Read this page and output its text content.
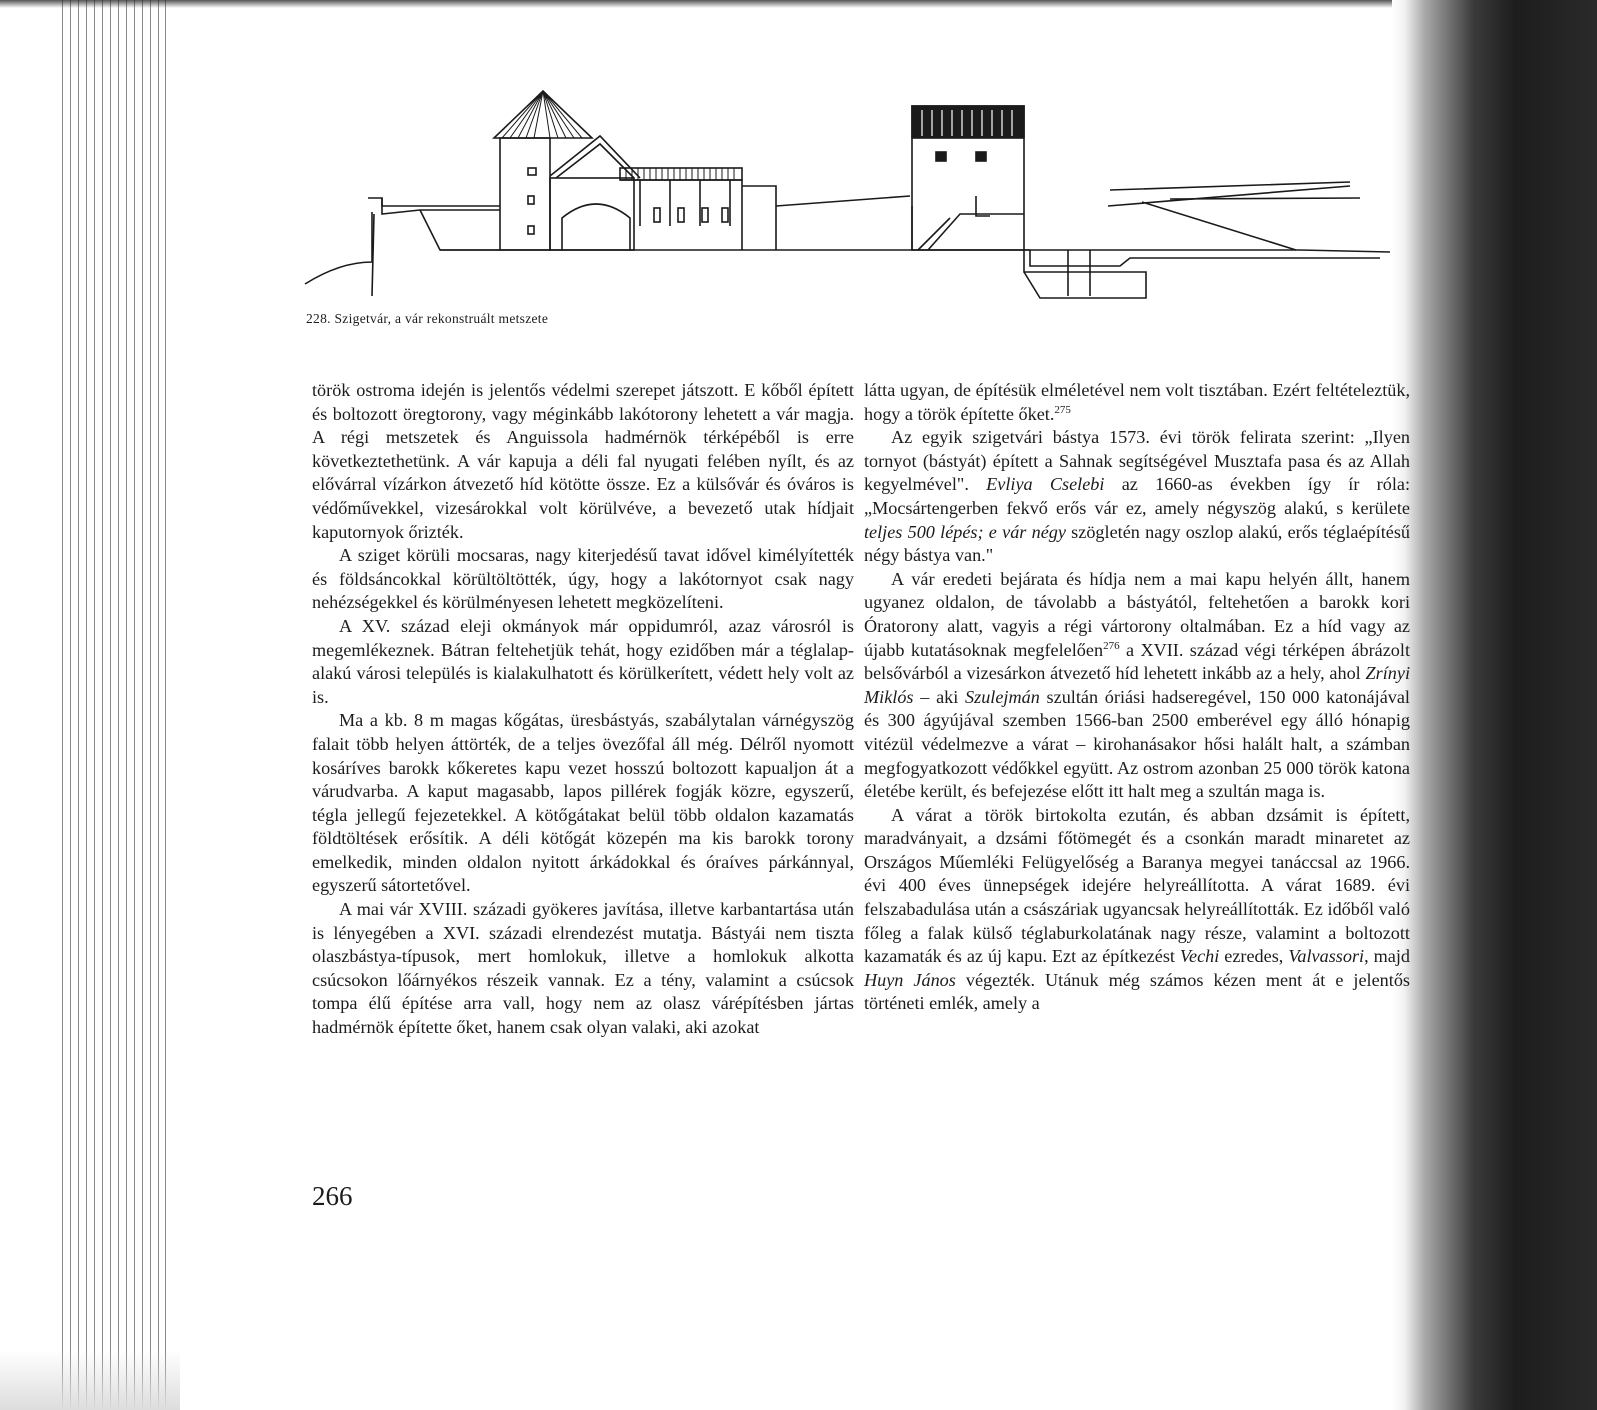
228. Szigetvár, a vár rekonstruált metszete

török ostroma idején is jelentős védelmi szerepet játszott. E kőből épített és boltozott öregtorony, vagy méginkább lakótorony lehetett a vár magja. A régi metszetek és Anguissola hadmérnök térképéből is erre következtethetünk. A vár kapuja a déli fal nyugati felében nyílt, és az elővárral vízárkon átvezető híd kötötte össze. Ez a külsővár és óváros is védőművekkel, vizesárokkal volt körülvéve, a bevezető utak hídjait kaputornyok őrizték.

A sziget körüli mocsaras, nagy kiterjedésű tavat idővel kimélyítették és földsáncokkal körültöltötték, úgy, hogy a lakótornyot csak nagy nehézségekkel és körülményesen lehetett megközelíteni.

A XV. század eleji okmányok már oppidumról, azaz városról is megemlékeznek. Bátran feltehetjük tehát, hogy ezidőben már a téglalap-alakú városi település is kialakulhatott és körülkerített, védett hely volt az is.

Ma a kb. 8 m magas kőgátas, üresbástyás, szabálytalan várnégyszög falait több helyen áttörték, de a teljes övezőfal áll még. Délről nyomott kosáríves barokk kőkeretes kapu vezet hosszú boltozott kapualjon át a várudvarba. A kaput magasabb, lapos pillérek fogják közre, egyszerű, tégla jellegű fejezetekkel. A kötőgátakat belül több oldalon kazamatás földtöltések erősítik. A déli kötőgát közepén ma kis barokk torony emelkedik, minden oldalon nyitott árkádokkal és óraíves párkánnyal, egyszerű sátortetővel.

A mai vár XVIII. századi gyökeres javítása, illetve karbantartása után is lényegében a XVI. századi elrendezést mutatja. Bástyái nem tiszta olaszbástya-típusok, mert homlokuk, illetve a homlokuk alkotta csúcsokon lőárnyékos részeik vannak. Ez a tény, valamint a csúcsok tompa élű építése arra vall, hogy nem az olasz várépítésben jártas hadmérnök építette őket, hanem csak olyan valaki, aki azokat

látta ugyan, de építésük elméletével nem volt tisztában. Ezért feltételeztük, hogy a török építette őket.$^{275}$

Az egyik szigetvári bástya 1573. évi török felirata szerint: „Ilyen tornyot (bástyát) épített a Sahnak segítségével Musztafa pasa és az Allah kegyelmével". Evliya Cselebi az 1660-as években így ír róla: „Mocsártengerben fekvő erős vár ez, amely négyszög alakú, s kerülete teljes 500 lépés; e vár négy szögletén nagy oszlop alakú, erős téglaépítésű négy bástya van."

A vár eredeti bejárata és hídja nem a mai kapu helyén állt, hanem ugyanez oldalon, de távolabb a bástyától, feltehetően a barokk kori Óratorony alatt, vagyis a régi vártorony oltalmában. Ez a híd vagy az újabb kutatásoknak megfelelően$^{276}$ a XVII. század végi térképen ábrázolt belsővárból a vizesárkon átvezető híd lehetett inkább az a hely, ahol Zrínyi Miklós – aki Szulejmán szultán óriási hadseregével, 150 000 katonájával és 300 ágyújával szemben 1566-ban 2500 emberével egy álló hónapig vitézül védelmezve a várat – kirohanásakor hősi halált halt, a számban megfogyatkozott védőkkel együtt. Az ostrom azonban 25 000 török katona életébe került, és befejezése előtt itt halt meg a szultán maga is.

A várat a török birtokolta ezután, és abban dzsámit is épített, maradványait, a dzsámi főtömegét és a csonkán maradt minaretet az Országos Műemléki Felügyelőség a Baranya megyei tanáccsal az 1966. évi 400 éves ünnepségek idejére helyreállította. A várat 1689. évi felszabadulása után a császáriak ugyancsak helyreállították. Ez időből való főleg a falak külső téglaburkolatának nagy része, valamint a boltozott kazamaták és az új kapu. Ezt az építkezést Vechi ezredes, Valvassori, majd Huyn János végezték. Utánuk még számos kézen ment át e jelentős történeti emlék, amely a

266
